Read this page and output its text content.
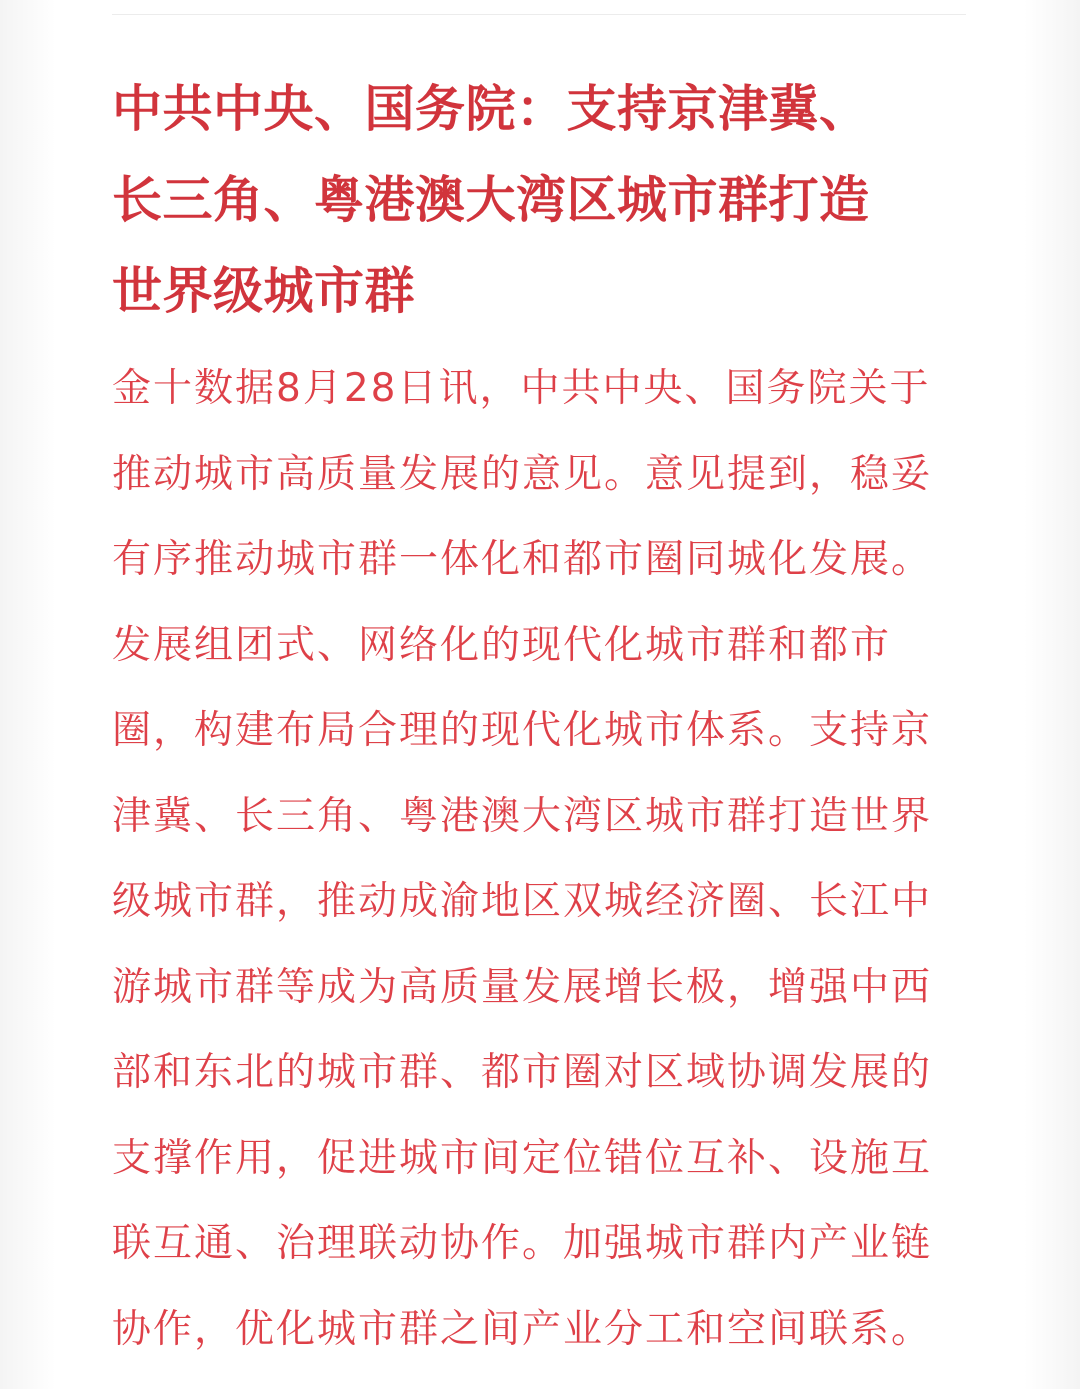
中共中央、国务院：支持京津冀、
长三角、粤港澳大湾区城市群打造
世界级城市群
金十数据8月28日讯，中共中央、国务院关于
推动城市高质量发展的意见。意见提到，稳妥
有序推动城市群一体化和都市圈同城化发展。
发展组团式、网络化的现代化城市群和都市
圈，构建布局合理的现代化城市体系。支持京
津冀、长三角、粤港澳大湾区城市群打造世界
级城市群，推动成渝地区双城经济圈、长江中
游城市群等成为高质量发展增长极，增强中西
部和东北的城市群、都市圈对区域协调发展的
支撑作用，促进城市间定位错位互补、设施互
联互通、治理联动协作。加强城市群内产业链
协作，优化城市群之间产业分工和空间联系。
